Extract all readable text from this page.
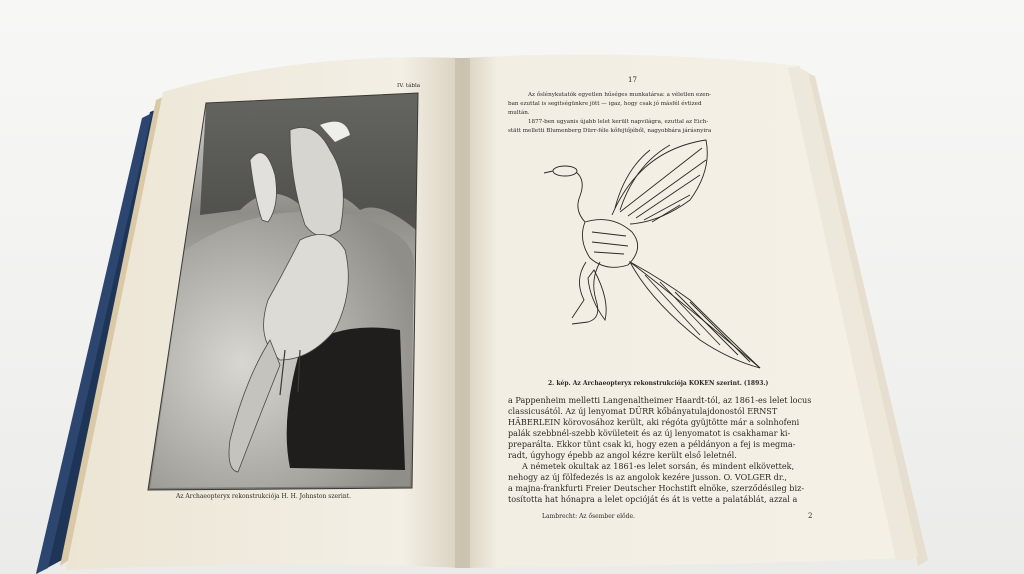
IV. tábla
Az Archaeopteryx rekonstrukciója H. H. Johnston szerint.
17
Az őslénykutatók egyetlen hűséges munkatársa: a véletlen ezen-
ban ezuttal is segitségünkre jött — igaz, hogy csak jó másfél évtized
multán.
1877-ben ugyanis újabb lelet került napvilágra, ezuttal az Eich-
stätt melletti Blumenberg Dürr-féle kőfejtőjéből, nagyobbára járásnyira
2. kép. Az Archaeopteryx rekonstrukciója KOKEN szerint. (1893.)
a Pappenheim melletti Langenaltheimer Haardt-tól, az 1861-es lelet locus
classicusától. Az új lenyomat DÜRR kőbányatulajdonostól ERNST
HÄBERLEIN körovosához került, aki régóta gyüjtötte már a solnhofeni
palák szebbnél-szebb kövületeit és az új lenyomatot is csakhamar ki-
preparálta. Ekkor tünt csak ki, hogy ezen a példányon a fej is megma-
radt, úgyhogy épebb az angol kézre került első leletnél.
A németek okultak az 1861-es lelet sorsán, és mindent elkövettek,
nehogy az új fölfedezés is az angolok kezére jusson. O. VOLGER dr.,
a majna-frankfurti Freier Deutscher Hochstift elnöke, szerződésileg biz-
tosította hat hónapra a lelet opcióját és át is vette a palatáblát, azzal a
Lambrecht: Az ősember előde.	2
